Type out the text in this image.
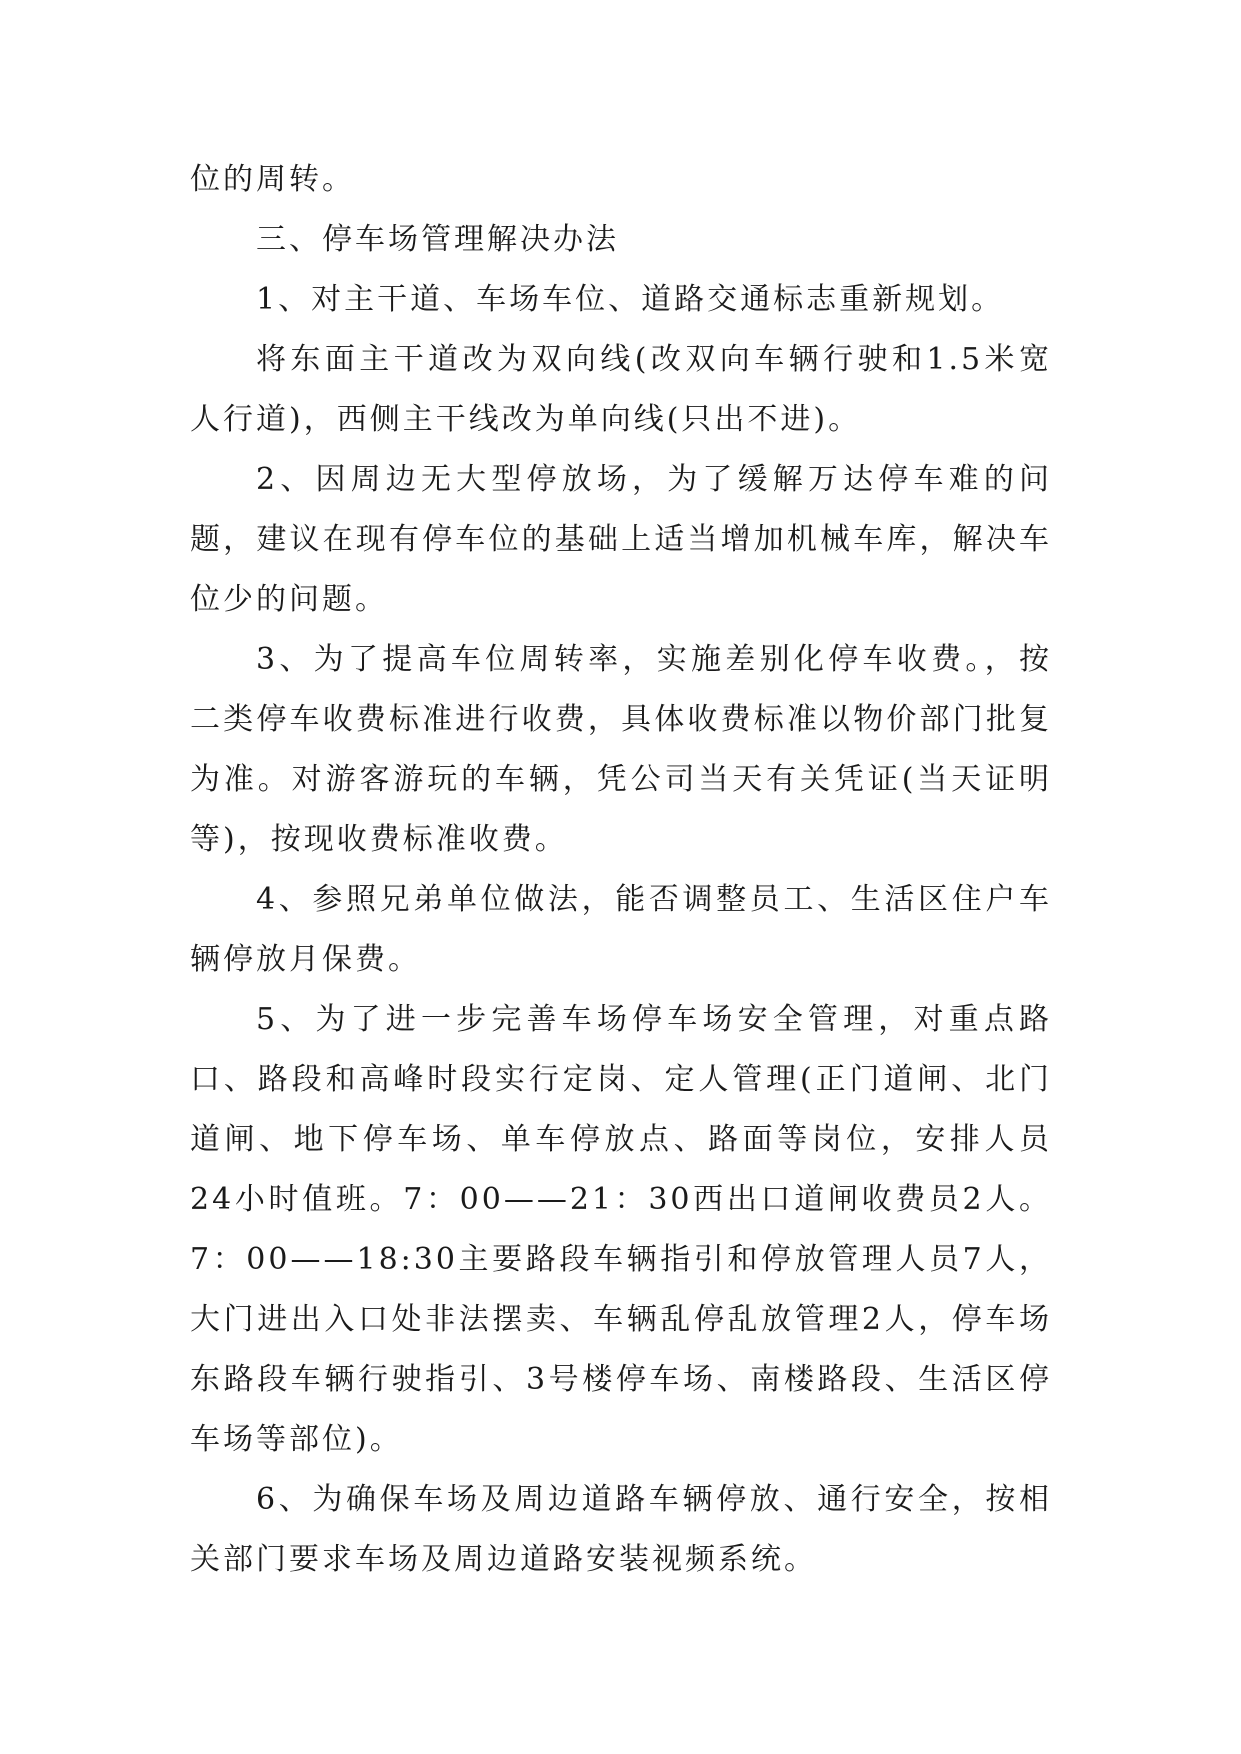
位的周转。

三、停车场管理解决办法

1、对主干道、车场车位、道路交通标志重新规划。

将东面主干道改为双向线(改双向车辆行驶和1.5米宽人行道)，西侧主干线改为单向线(只出不进)。

2、因周边无大型停放场，为了缓解万达停车难的问题，建议在现有停车位的基础上适当增加机械车库，解决车位少的问题。

3、为了提高车位周转率，实施差别化停车收费。，按二类停车收费标准进行收费，具体收费标准以物价部门批复为准。对游客游玩的车辆，凭公司当天有关凭证(当天证明等)，按现收费标准收费。

4、参照兄弟单位做法，能否调整员工、生活区住户车辆停放月保费。

5、为了进一步完善车场停车场安全管理，对重点路口、路段和高峰时段实行定岗、定人管理(正门道闸、北门道闸、地下停车场、单车停放点、路面等岗位，安排人员24小时值班。7：00——21：30西出口道闸收费员2人。7：00——18:30主要路段车辆指引和停放管理人员7人，大门进出入口处非法摆卖、车辆乱停乱放管理2人，停车场东路段车辆行驶指引、3号楼停车场、南楼路段、生活区停车场等部位)。

6、为确保车场及周边道路车辆停放、通行安全，按相关部门要求车场及周边道路安装视频系统。
